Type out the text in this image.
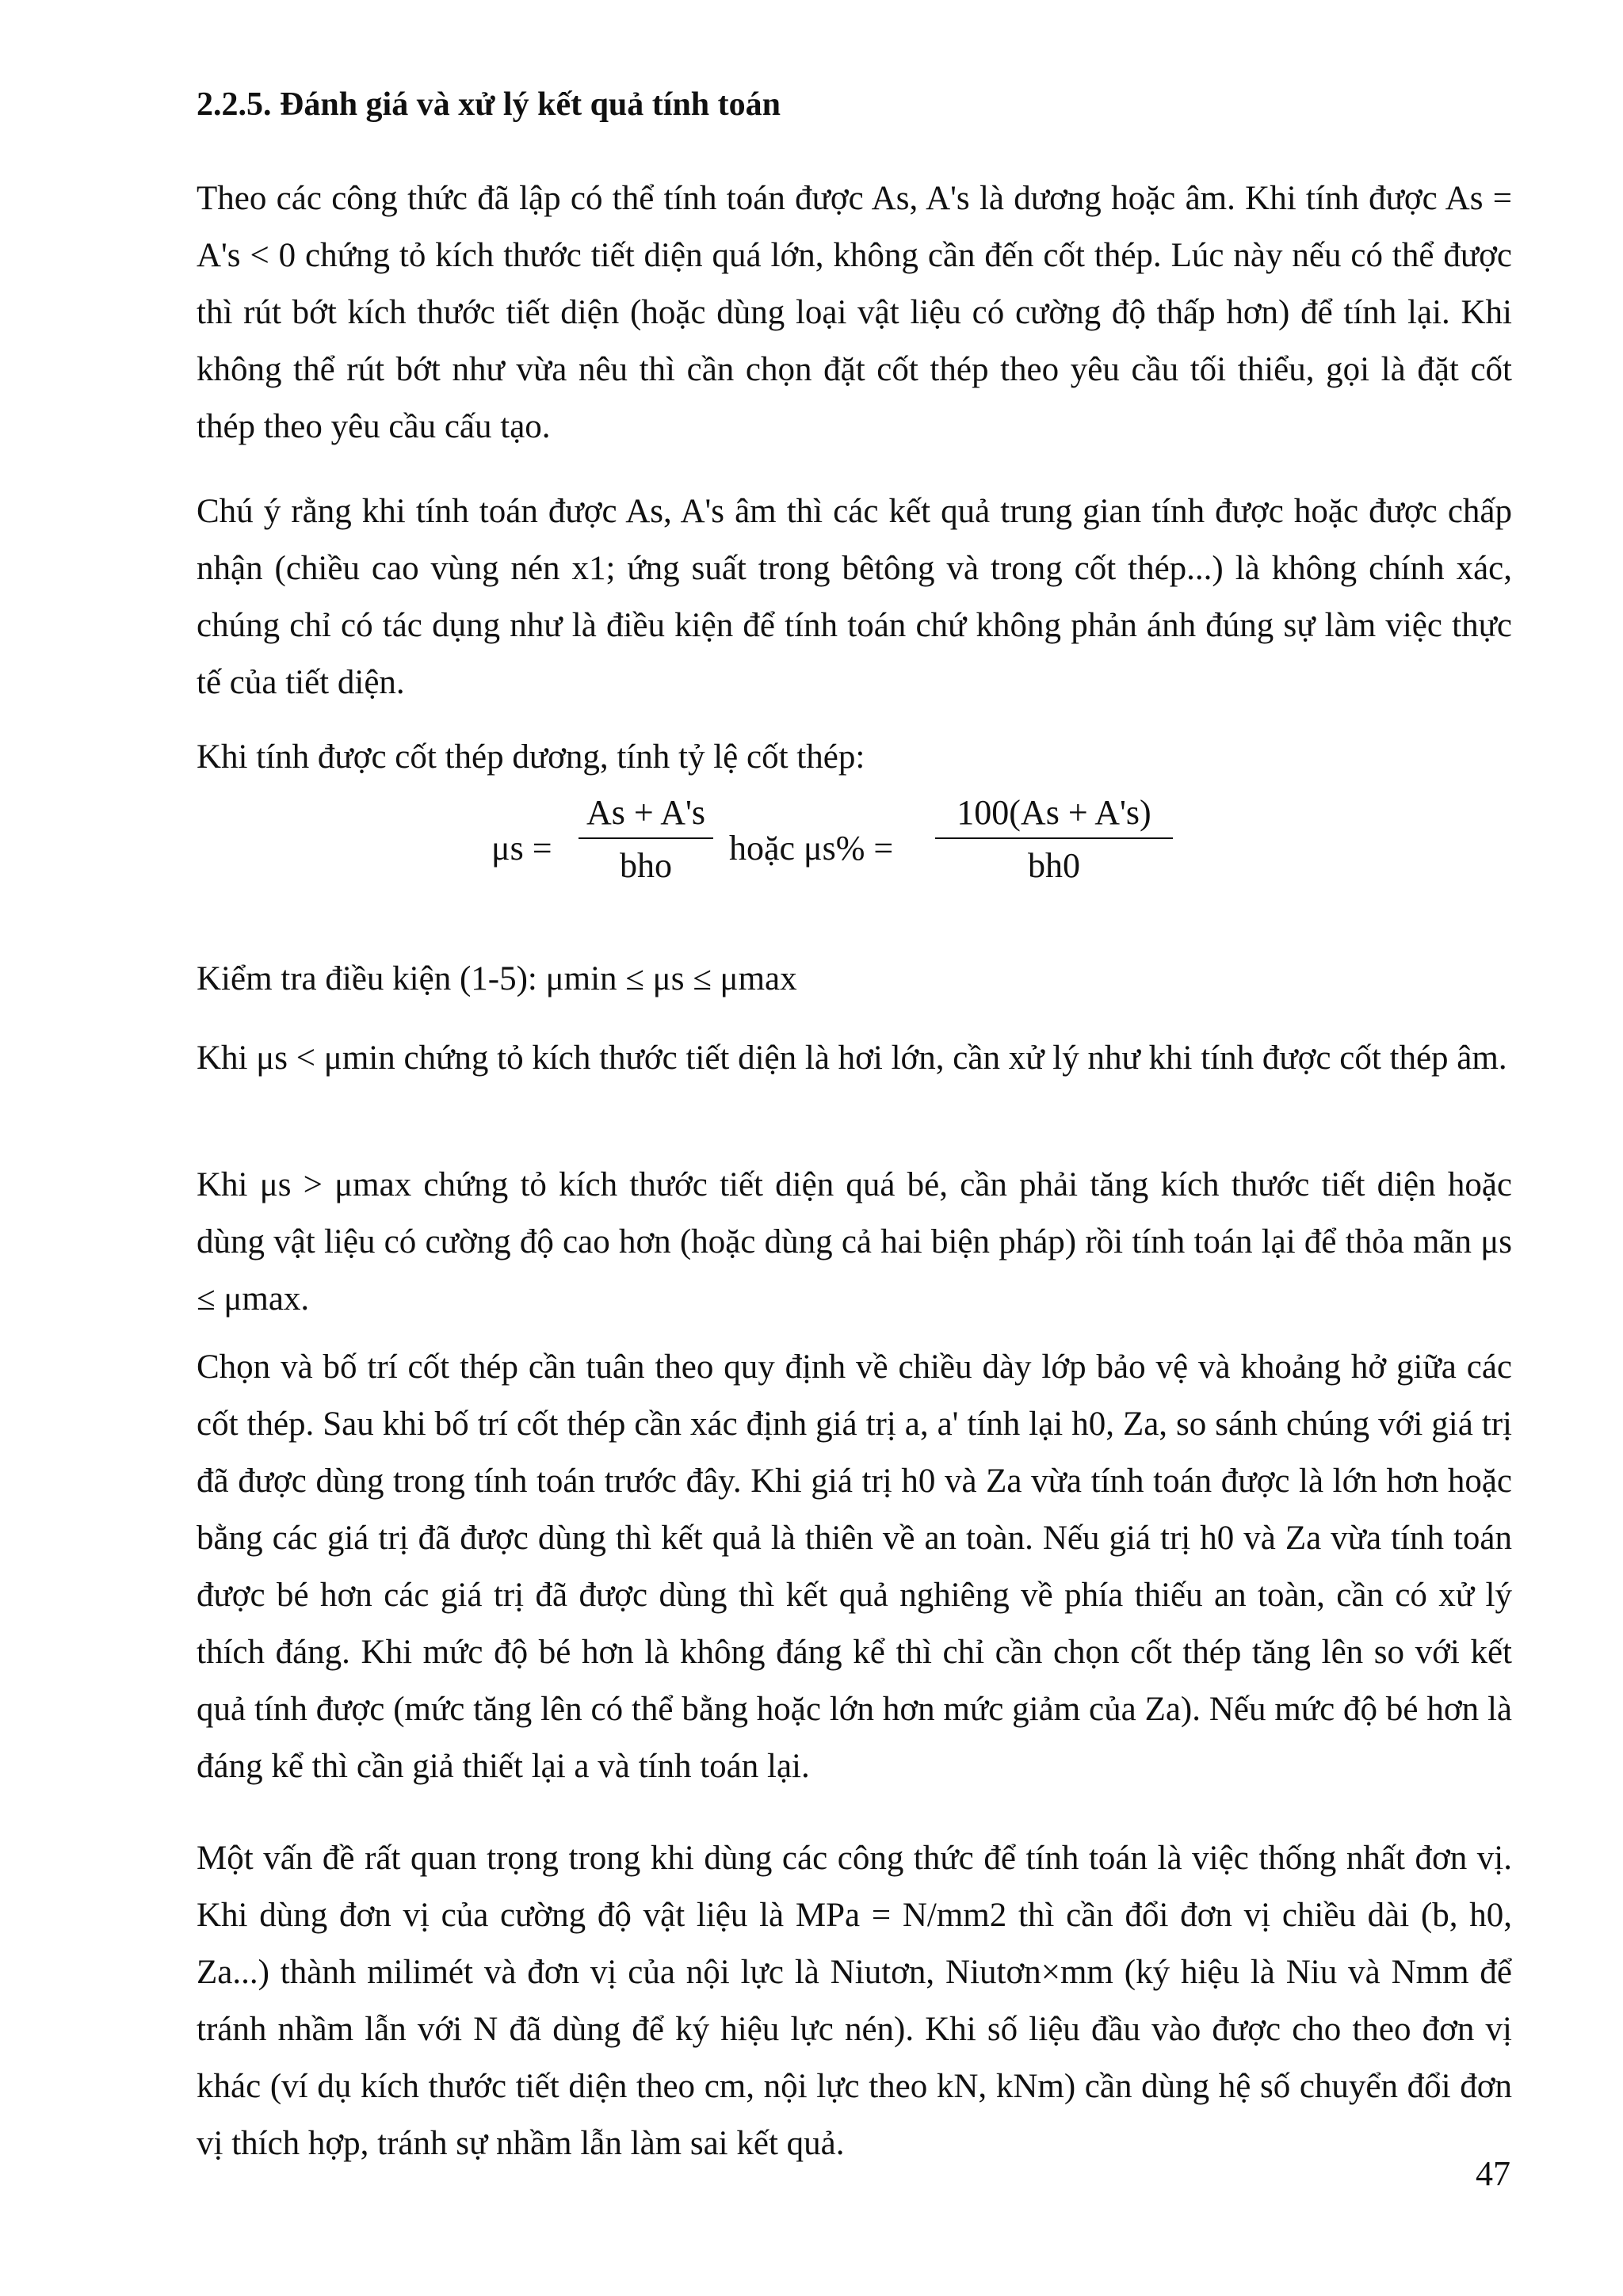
2.2.5. Đánh giá và xử lý kết quả tính toán

Theo các công thức đã lập có thể tính toán được As, A's là dương hoặc âm. Khi tính được As = A's < 0 chứng tỏ kích thước tiết diện quá lớn, không cần đến cốt thép. Lúc này nếu có thể được thì rút bớt kích thước tiết diện (hoặc dùng loại vật liệu có cường độ thấp hơn) để tính lại. Khi không thể rút bớt như vừa nêu thì cần chọn đặt cốt thép theo yêu cầu tối thiểu, gọi là đặt cốt thép theo yêu cầu cấu tạo.

Chú ý rằng khi tính toán được As, A's âm thì các kết quả trung gian tính được hoặc được chấp nhận (chiều cao vùng nén x1; ứng suất trong bêtông và trong cốt thép...) là không chính xác, chúng chỉ có tác dụng như là điều kiện để tính toán chứ không phản ánh đúng sự làm việc thực tế của tiết diện.

Khi tính được cốt thép dương, tính tỷ lệ cốt thép:

μs =
As + A's
bho	hoặc $\mu s\% = \frac{100(As + A's)}{bh0}$

Kiểm tra điều kiện (1-5): μmin ≤ μs ≤ μmax

Khi μs < μmin chứng tỏ kích thước tiết diện là hơi lớn, cần xử lý như khi tính được cốt thép âm.

Khi μs > μmax chứng tỏ kích thước tiết diện quá bé, cần phải tăng kích thước tiết diện hoặc dùng vật liệu có cường độ cao hơn (hoặc dùng cả hai biện pháp) rồi tính toán lại để thỏa mãn μs ≤ μmax.

Chọn và bố trí cốt thép cần tuân theo quy định về chiều dày lớp bảo vệ và khoảng hở giữa các cốt thép. Sau khi bố trí cốt thép cần xác định giá trị a, a' tính lại h0, Za, so sánh chúng với giá trị đã được dùng trong tính toán trước đây. Khi giá trị h0 và Za vừa tính toán được là lớn hơn hoặc bằng các giá trị đã được dùng thì kết quả là thiên về an toàn. Nếu giá trị h0 và Za vừa tính toán được bé hơn các giá trị đã được dùng thì kết quả nghiêng về phía thiếu an toàn, cần có xử lý thích đáng. Khi mức độ bé hơn là không đáng kể thì chỉ cần chọn cốt thép tăng lên so với kết quả tính được (mức tăng lên có thể bằng hoặc lớn hơn mức giảm của Za). Nếu mức độ bé hơn là đáng kể thì cần giả thiết lại a và tính toán lại.

Một vấn đề rất quan trọng trong khi dùng các công thức để tính toán là việc thống nhất đơn vị. Khi dùng đơn vị của cường độ vật liệu là MPa = N/mm2 thì cần đổi đơn vị chiều dài (b, h0, Za...) thành milimét và đơn vị của nội lực là Niutơn, Niutơn×mm (ký hiệu là Niu và Nmm để tránh nhầm lẫn với N đã dùng để ký hiệu lực nén). Khi số liệu đầu vào được cho theo đơn vị khác (ví dụ kích thước tiết diện theo cm, nội lực theo kN, kNm) cần dùng hệ số chuyển đổi đơn vị thích hợp, tránh sự nhầm lẫn làm sai kết quả.

47
